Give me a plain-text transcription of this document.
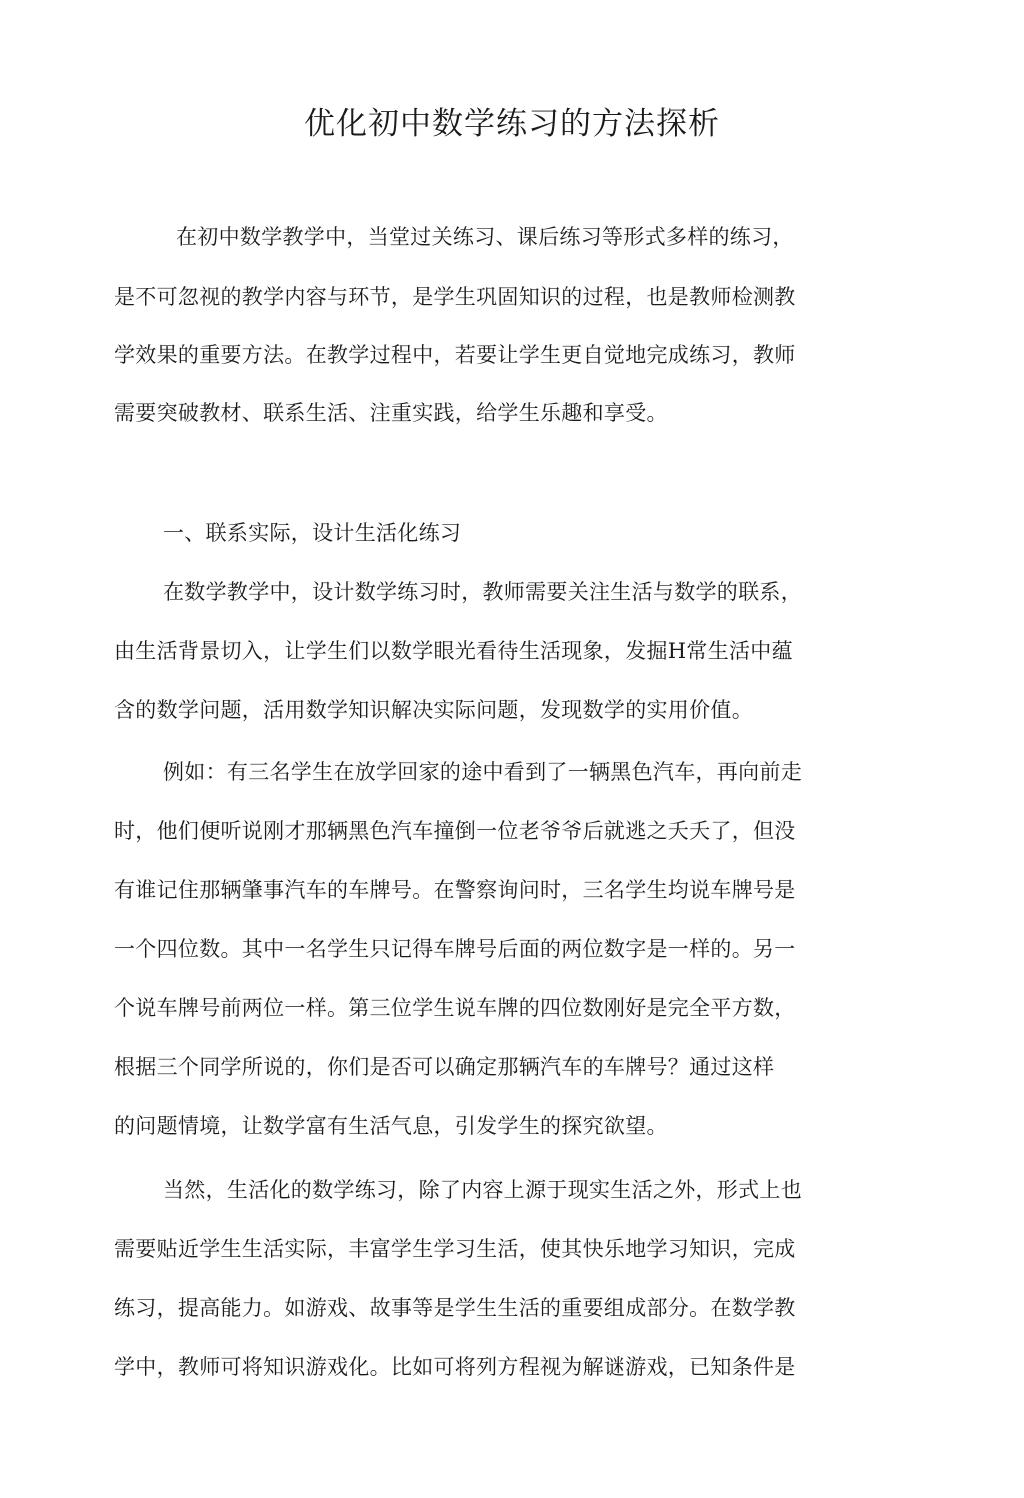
优化初中数学练习的方法探析
在初中数学教学中，当堂过关练习、课后练习等形式多样的练习，
是不可忽视的教学内容与环节，是学生巩固知识的过程，也是教师检测教
学效果的重要方法。在教学过程中，若要让学生更自觉地完成练习，教师
需要突破教材、联系生活、注重实践，给学生乐趣和享受。
一、联系实际，设计生活化练习
在数学教学中，设计数学练习时，教师需要关注生活与数学的联系，
由生活背景切入，让学生们以数学眼光看待生活现象，发掘H常生活中蕴
含的数学问题，活用数学知识解决实际问题，发现数学的实用价值。
例如：有三名学生在放学回家的途中看到了一辆黑色汽车，再向前走
时，他们便听说刚才那辆黑色汽车撞倒一位老爷爷后就逃之夭夭了，但没
有谁记住那辆肇事汽车的车牌号。在警察询问时，三名学生均说车牌号是
一个四位数。其中一名学生只记得车牌号后面的两位数字是一样的。另一
个说车牌号前两位一样。第三位学生说车牌的四位数刚好是完全平方数，
根据三个同学所说的，你们是否可以确定那辆汽车的车牌号？通过这样
的问题情境，让数学富有生活气息，引发学生的探究欲望。
当然，生活化的数学练习，除了内容上源于现实生活之外，形式上也
需要贴近学生生活实际，丰富学生学习生活，使其快乐地学习知识，完成
练习，提高能力。如游戏、故事等是学生生活的重要组成部分。在数学教
学中，教师可将知识游戏化。比如可将列方程视为解谜游戏，已知条件是
